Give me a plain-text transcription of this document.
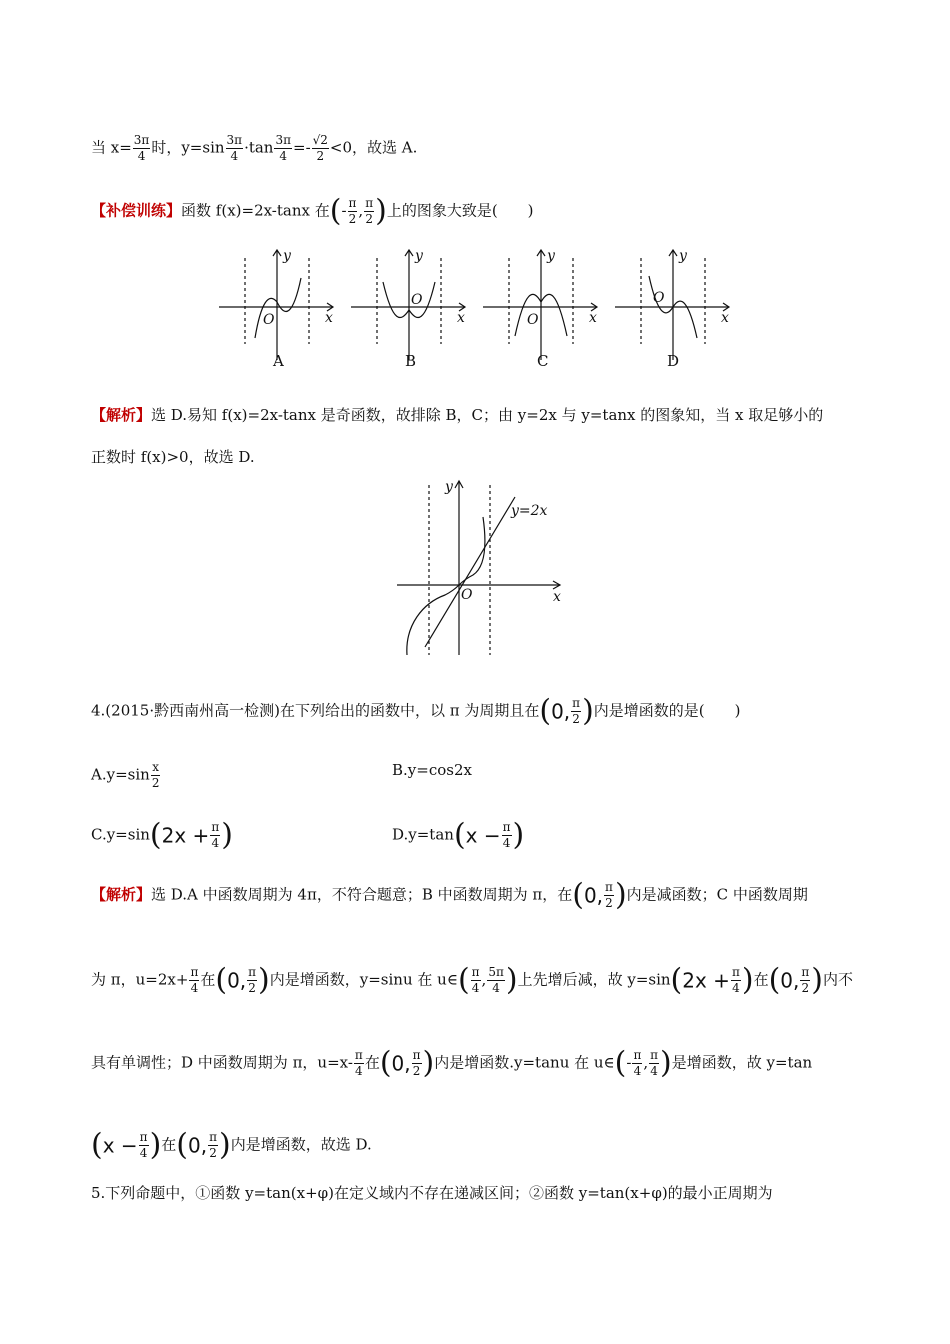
当 $x= \frac{3\pi}{4}$ 时，$y=\sin \frac{3\pi}{4} \cdot\tan \frac{3\pi}{4} =- \frac{√2}{2} <0$，故选 A.
【补偿训练】函数 f(x)=2x-tanx 在(- $\frac{\pi}{2}$ , $\frac{\pi}{2}$ )上的图象大致是(　　)
y
x
O
y
x
O
y
x
O
y
x
O
A	B	C	D
【解析】选 D.易知 f(x)=2x-tanx 是奇函数，故排除 B，C；由 y=2x 与 y=tanx 的图象知，当 x 取足够小的
正数时 f(x)>0，故选 D.
y
x
O
y=2x
4.(2015·黔西南州高一检测)在下列给出的函数中，以 π 为周期且在(0, $\frac{\pi}{2}$ )内是增函数的是(　　)
$A.y=\sin \frac{x}{2}$	B.y=cos2x
$C.y=\sin(2x + \frac{\pi}{4}$ )	$D.y=\tan(x - \frac{\pi}{4}$ )
【解析】选 D.A 中函数周期为 4π，不符合题意；B 中函数周期为 π，在(0, $\frac{\pi}{2}$ )内是减函数；C 中函数周期
为 π，$u=2x+ \frac{\pi}{4}$ 在(0, $\frac{\pi}{2}$ )内是增函数，y=sinu 在 u∈( $\frac{\pi}{4}$ , $\frac{5\pi}{4}$ )上先增后减，故 $y=\sin(2x + \frac{\pi}{4}$ )在(0, $\frac{\pi}{2}$ )内不
具有单调性；D 中函数周期为 π，$u=x- \frac{\pi}{4}$ 在(0, $\frac{\pi}{2}$ )内是增函数.y=tanu 在 u∈(- $\frac{\pi}{4}$ , $\frac{\pi}{4}$ )是增函数，故 y=tan
($x - \frac{\pi}{4}$ )在(0, $\frac{\pi}{2}$ )内是增函数，故选 D.
5.下列命题中，①函数 y=tan(x+φ)在定义域内不存在递减区间；②函数 y=tan(x+φ)的最小正周期为
